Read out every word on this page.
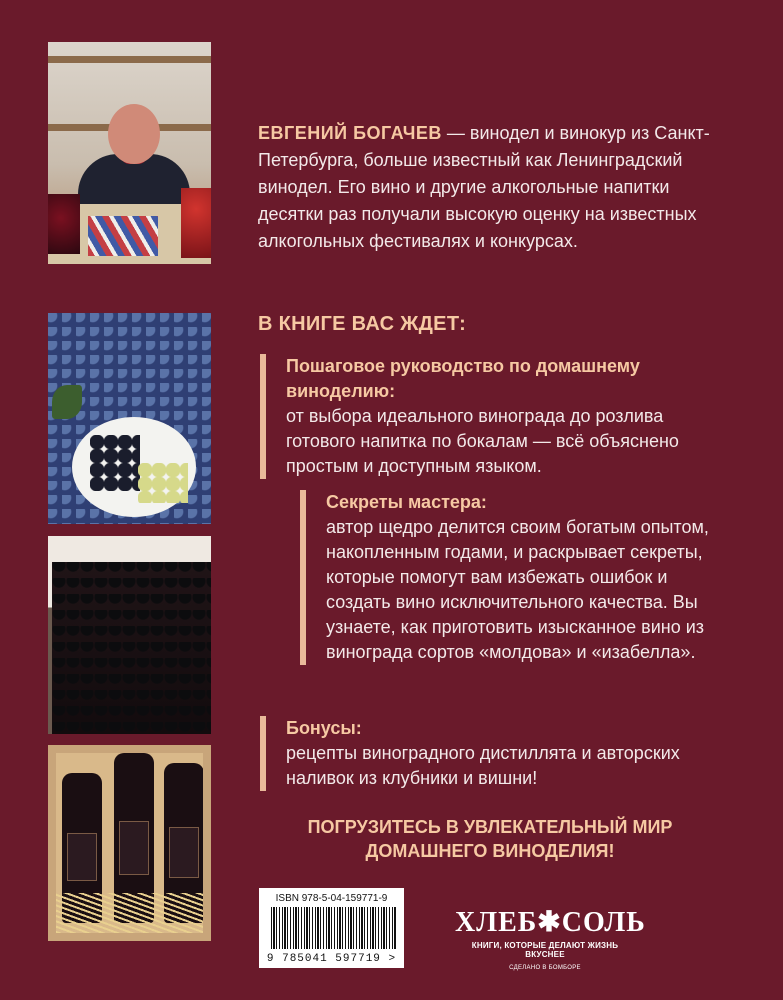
ЕВГЕНИЙ БОГАЧЕВ — винодел и винокур из Санкт-Петербурга, больше известный как Ленинградский винодел. Его вино и другие алкогольные напитки десятки раз получали высокую оценку на известных алкогольных фестивалях и конкурсах.
В КНИГЕ ВАС ЖДЕТ:
Пошаговое руководство по домашнему виноделию:
от выбора идеального винограда до розлива готового напитка по бокалам — всё объяснено простым и доступным языком.
Секреты мастера:
автор щедро делится своим богатым опытом, накопленным годами, и раскрывает секреты, которые помогут вам избежать ошибок и создать вино исключительного качества. Вы узнаете, как приготовить изысканное вино из винограда сортов «молдова» и «изабелла».
Бонусы:
рецепты виноградного дистиллята и авторских наливок из клубники и вишни!
ПОГРУЗИТЕСЬ В УВЛЕКАТЕЛЬНЫЙ МИР ДОМАШНЕГО ВИНОДЕЛИЯ!
ISBN 978-5-04-159771-9
9 785041 597719 >
ХЛЕБ✱СОЛЬ
КНИГИ, КОТОРЫЕ ДЕЛАЮТ ЖИЗНЬ ВКУСНЕЕ
СДЕЛАНО В БОМБОРЕ
